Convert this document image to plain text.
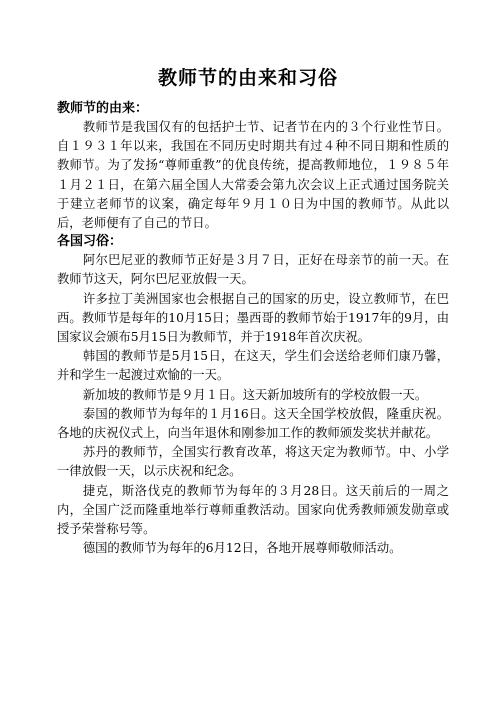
教师节的由来和习俗
教师节的由来：

教师节是我国仅有的包括护士节、记者节在内的３个行业性节日。自１９３１年以来，我国在不同历史时期共有过４种不同日期和性质的教师节。为了发扬“尊师重教”的优良传统，提高教师地位，１９８５年１月２１日，在第六届全国人大常委会第九次会议上正式通过国务院关于建立老师节的议案，确定每年９月１０日为中国的教师节。从此以后，老师便有了自己的节日。

各国习俗：

阿尔巴尼亚的教师节正好是３月７日，正好在母亲节的前一天。在教师节这天，阿尔巴尼亚放假一天。

许多拉丁美洲国家也会根据自己的国家的历史，设立教师节，在巴西。教师节是每年的10月15日；墨西哥的教师节始于1917年的9月，由国家议会颁布5月15日为教师节，并于1918年首次庆祝。

韩国的教师节是5月15日，在这天，学生们会送给老师们康乃馨，并和学生一起渡过欢愉的一天。

新加坡的教师节是９月１日。这天新加坡所有的学校放假一天。

泰国的教师节为每年的１月16日。这天全国学校放假，隆重庆祝。各地的庆祝仪式上，向当年退休和刚参加工作的教师颁发奖状并献花。

苏丹的教师节，全国实行教育改革，将这天定为教师节。中、小学一律放假一天，以示庆祝和纪念。

捷克，斯洛伐克的教师节为每年的３月28日。这天前后的一周之内，全国广泛而隆重地举行尊师重教活动。国家向优秀教师颁发勋章或授予荣誉称号等。

德国的教师节为每年的6月12日，各地开展尊师敬师活动。
